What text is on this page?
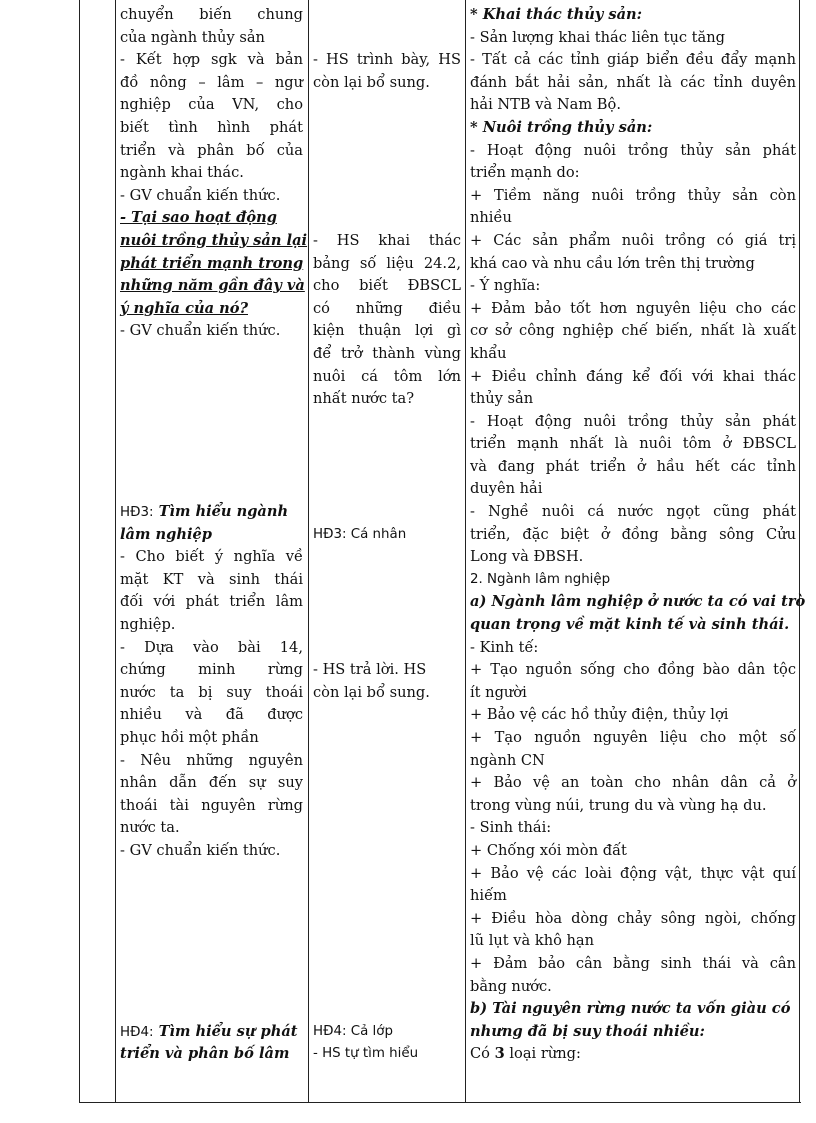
chuyển biến chung
của ngành thủy sản
- Kết hợp sgk và bản
đồ nông – lâm – ngư
nghiệp của VN, cho
biết tình hình phát
triển và phân bố của
ngành khai thác.
- GV chuẩn kiến thức.
- Tại sao hoạt động
nuôi trồng thủy sản lại
phát triển mạnh trong
những năm gần đây và
ý nghĩa của nó?
- GV chuẩn kiến thức.
HĐ3: Tìm hiểu ngành
lâm nghiệp
- Cho biết ý nghĩa về
mặt KT và sinh thái
đối với phát triển lâm
nghiệp.
- Dựa vào bài 14,
chứng minh rừng
nước ta bị suy thoái
nhiều và đã được
phục hồi một phần
- Nêu những nguyên
nhân dẫn đến sự suy
thoái tài nguyên rừng
nước ta.
- GV chuẩn kiến thức.
HĐ4: Tìm hiểu sự phát
triển và phân bố lâm
- HS trình bày, HS
còn lại bổ sung.
- HS khai thác
bảng số liệu 24.2,
cho biết ĐBSCL
có những điều
kiện thuận lợi gì
để trở thành vùng
nuôi cá tôm lớn
nhất nước ta?
HĐ3: Cá nhân
- HS trả lời. HS
còn lại bổ sung.
HĐ4: Cả lớp
- HS tự tìm hiểu
* Khai thác thủy sản:
- Sản lượng khai thác liên tục tăng
- Tất cả các tỉnh giáp biển đều đẩy mạnh
đánh bắt hải sản, nhất là các tỉnh duyên
hải NTB và Nam Bộ.
* Nuôi trồng thủy sản:
- Hoạt động nuôi trồng thủy sản phát
triển mạnh do:
+ Tiềm năng nuôi trồng thủy sản còn
nhiều
+ Các sản phẩm nuôi trồng có giá trị
khá cao và nhu cầu lớn trên thị trường
- Ý nghĩa:
+ Đảm bảo tốt hơn nguyên liệu cho các
cơ sở công nghiệp chế biến, nhất là xuất
khẩu
+ Điều chỉnh đáng kể đối với khai thác
thủy sản
- Hoạt động nuôi trồng thủy sản phát
triển mạnh nhất là nuôi tôm ở ĐBSCL
và đang phát triển ở hầu hết các tỉnh
duyên hải
- Nghề nuôi cá nước ngọt cũng phát
triển, đặc biệt ở đồng bằng sông Cửu
Long và ĐBSH.
2. Ngành lâm nghiệp
a) Ngành lâm nghiệp ở nước ta có vai trò
quan trọng về mặt kinh tế và sinh thái.
- Kinh tế:
+ Tạo nguồn sống cho đồng bào dân tộc
ít người
+ Bảo vệ các hồ thủy điện, thủy lợi
+ Tạo nguồn nguyên liệu cho một số
ngành CN
+ Bảo vệ an toàn cho nhân dân cả ở
trong vùng núi, trung du và vùng hạ du.
- Sinh thái:
+ Chống xói mòn đất
+ Bảo vệ các loài động vật, thực vật quí
hiếm
+ Điều hòa dòng chảy sông ngòi, chống
lũ lụt và khô hạn
+ Đảm bảo cân bằng sinh thái và cân
bằng nước.
b) Tài nguyên rừng nước ta vốn giàu có
nhưng đã bị suy thoái nhiều:
Có 3 loại rừng:
